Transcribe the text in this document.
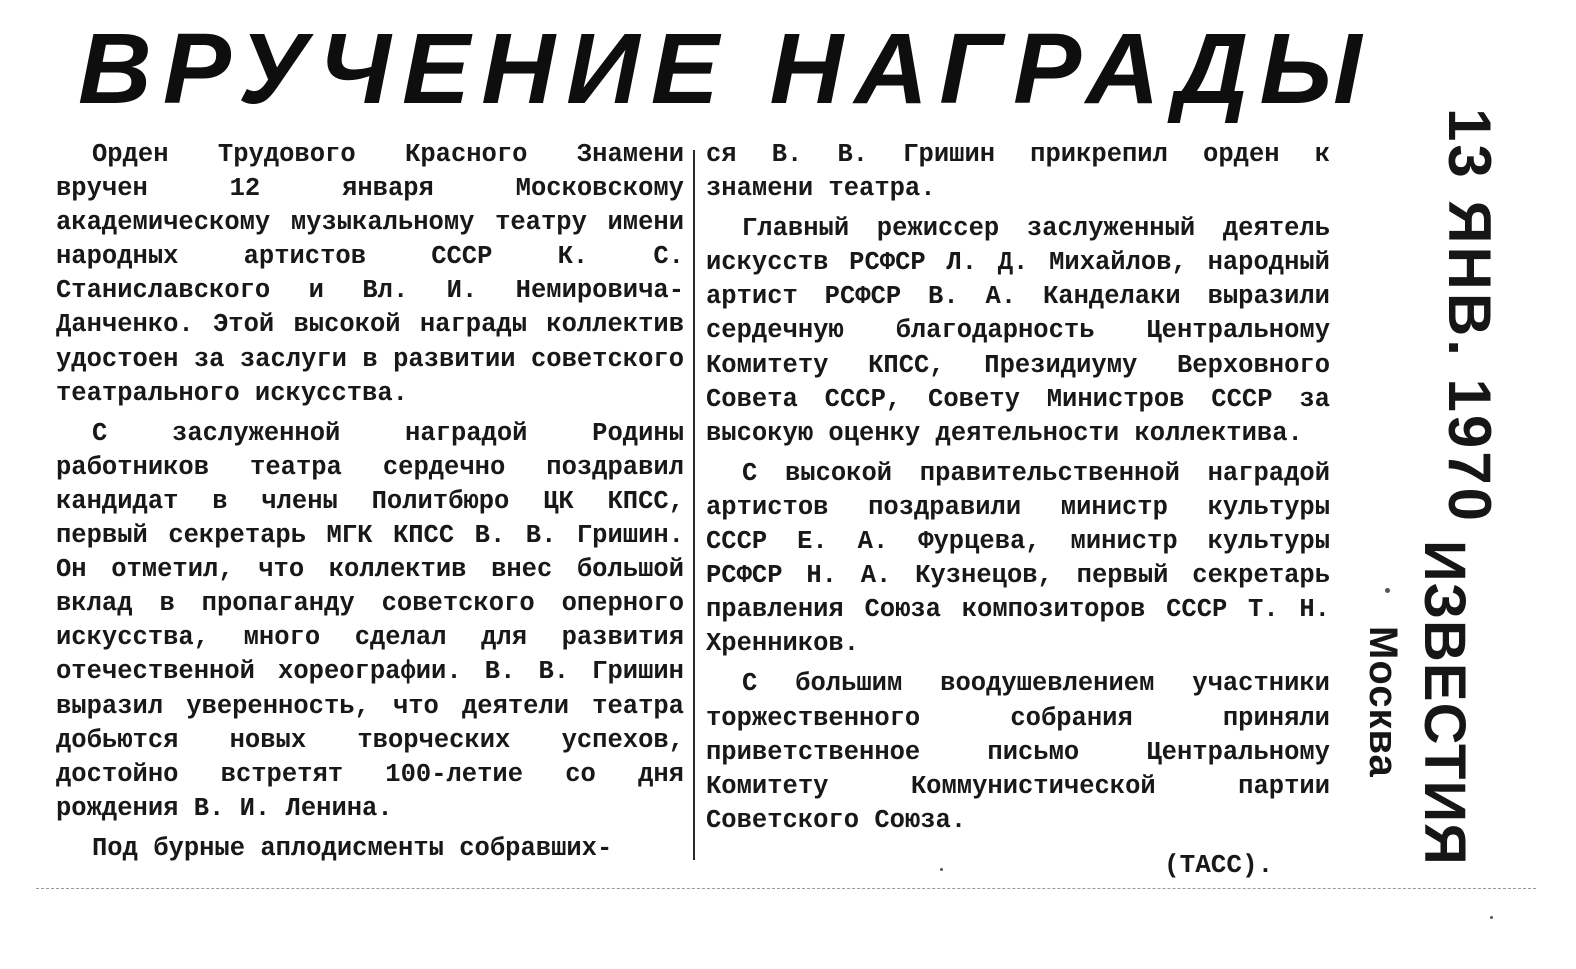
ВРУЧЕНИЕ НАГРАДЫ

Орден Трудового Красного Знамени вручен 12 января Московскому академическому музыкальному театру имени народных артистов СССР К. С. Станиславского и Вл. И. Немировича-Данченко. Этой высокой награды коллектив удостоен за заслуги в развитии советского театрального искусства.

С заслуженной наградой Родины работников театра сердечно поздравил кандидат в члены Политбюро ЦК КПСС, первый секретарь МГК КПСС В. В. Гришин. Он отметил, что коллектив внес большой вклад в пропаганду советского оперного искусства, много сделал для развития отечественной хореографии. В. В. Гришин выразил уверенность, что деятели театра добьются новых творческих успехов, достойно встретят 100-летие со дня рождения В. И. Ленина.

Под бурные аплодисменты собравших-

ся В. В. Гришин прикрепил орден к знамени театра.

Главный режиссер заслуженный деятель искусств РСФСР Л. Д. Михайлов, народный артист РСФСР В. А. Канделаки выразили сердечную благодарность Центральному Комитету КПСС, Президиуму Верховного Совета СССР, Совету Министров СССР за высокую оценку деятельности коллектива.

С высокой правительственной наградой артистов поздравили министр культуры СССР Е. А. Фурцева, министр культуры РСФСР Н. А. Кузнецов, первый секретарь правления Союза композиторов СССР Т. Н. Хренников.

С большим воодушевлением участники торжественного собрания приняли приветственное письмо Центральному Комитету Коммунистической партии Советского Союза.

(ТАСС).
13 ЯНВ. 1970
ИЗВЕСТИЯ
Москва
